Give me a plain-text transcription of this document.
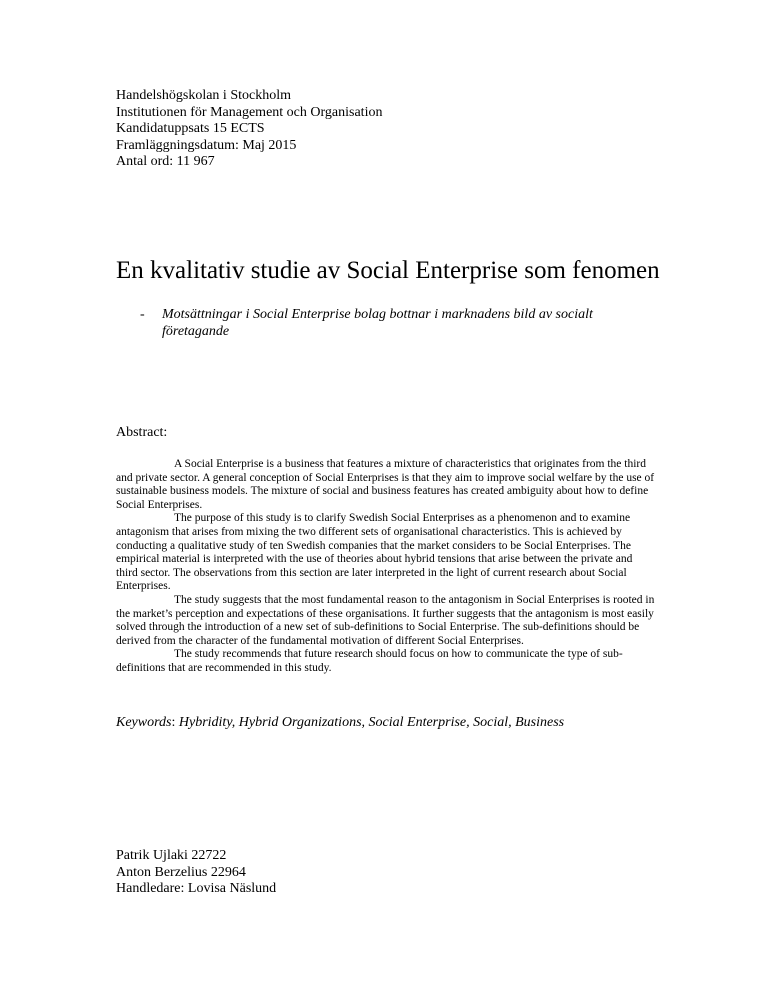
Handelshögskolan i Stockholm
Institutionen för Management och Organisation
Kandidatuppsats 15 ECTS
Framläggningsdatum: Maj 2015
Antal ord: 11 967
En kvalitativ studie av Social Enterprise som fenomen
- Motsättningar i Social Enterprise bolag bottnar i marknadens bild av socialt företagande
Abstract:

A Social Enterprise is a business that features a mixture of characteristics that originates from the third and private sector. A general conception of Social Enterprises is that they aim to improve social welfare by the use of sustainable business models. The mixture of social and business features has created ambiguity about how to define Social Enterprises.

The purpose of this study is to clarify Swedish Social Enterprises as a phenomenon and to examine antagonism that arises from mixing the two different sets of organisational characteristics. This is achieved by conducting a qualitative study of ten Swedish companies that the market considers to be Social Enterprises. The empirical material is interpreted with the use of theories about hybrid tensions that arise between the private and third sector. The observations from this section are later interpreted in the light of current research about Social Enterprises.

The study suggests that the most fundamental reason to the antagonism in Social Enterprises is rooted in the market’s perception and expectations of these organisations. It further suggests that the antagonism is most easily solved through the introduction of a new set of sub-definitions to Social Enterprise. The sub-definitions should be derived from the character of the fundamental motivation of different Social Enterprises.

The study recommends that future research should focus on how to communicate the type of sub-definitions that are recommended in this study.

Keywords: Hybridity, Hybrid Organizations, Social Enterprise, Social, Business
Patrik Ujlaki 22722
Anton Berzelius 22964
Handledare: Lovisa Näslund
